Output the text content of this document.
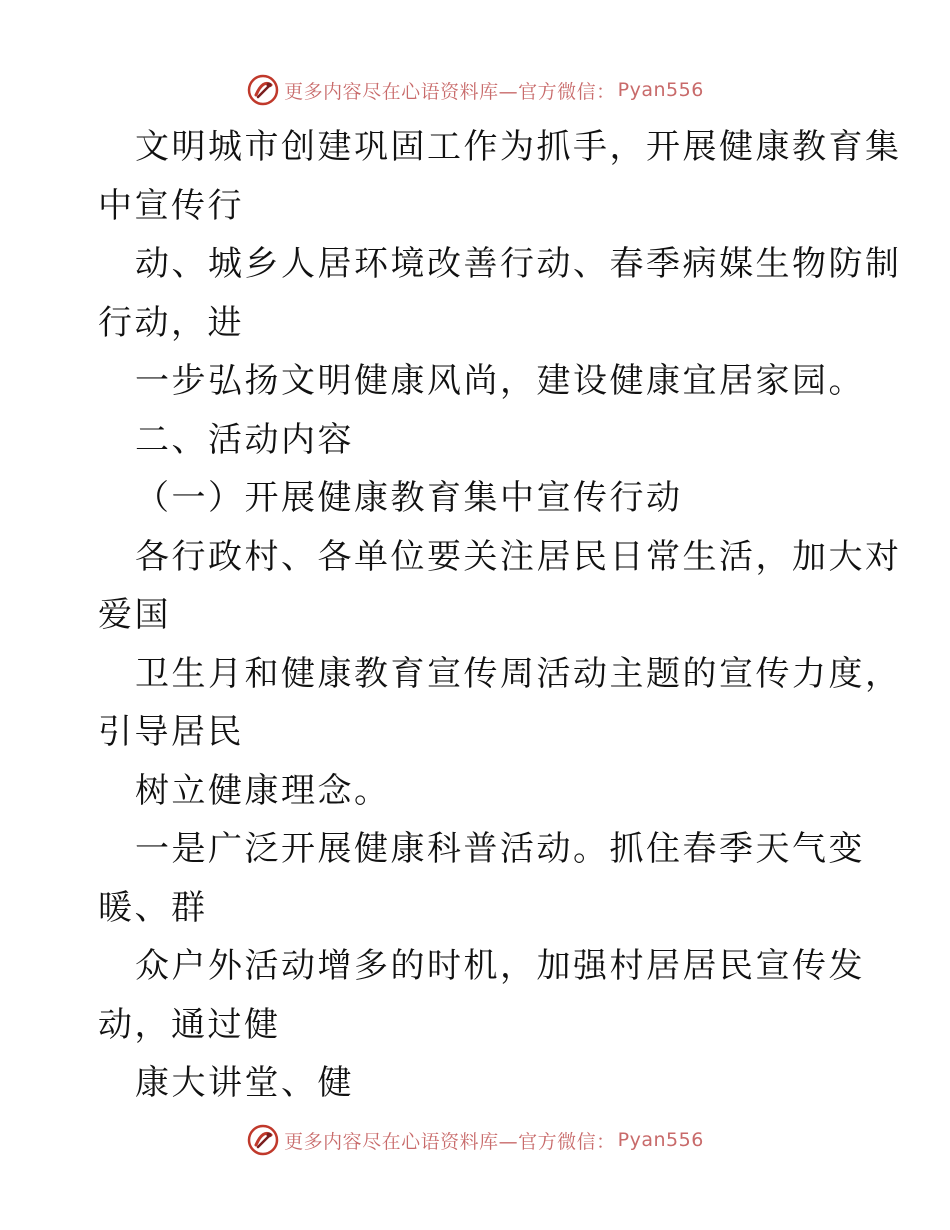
更多内容尽在心语资料库—官方微信： Pyan556
文明城市创建巩固工作为抓手，开展健康教育集
中宣传行
动、城乡人居环境改善行动、春季病媒生物防制
行动，进
一步弘扬文明健康风尚，建设健康宜居家园。
二、活动内容
（一）开展健康教育集中宣传行动
各行政村、各单位要关注居民日常生活，加大对
爱国
卫生月和健康教育宣传周活动主题的宣传力度，
引导居民
树立健康理念。
一是广泛开展健康科普活动。抓住春季天气变
暖、群
众户外活动增多的时机，加强村居居民宣传发
动，通过健
康大讲堂、健
更多内容尽在心语资料库—官方微信： Pyan556
